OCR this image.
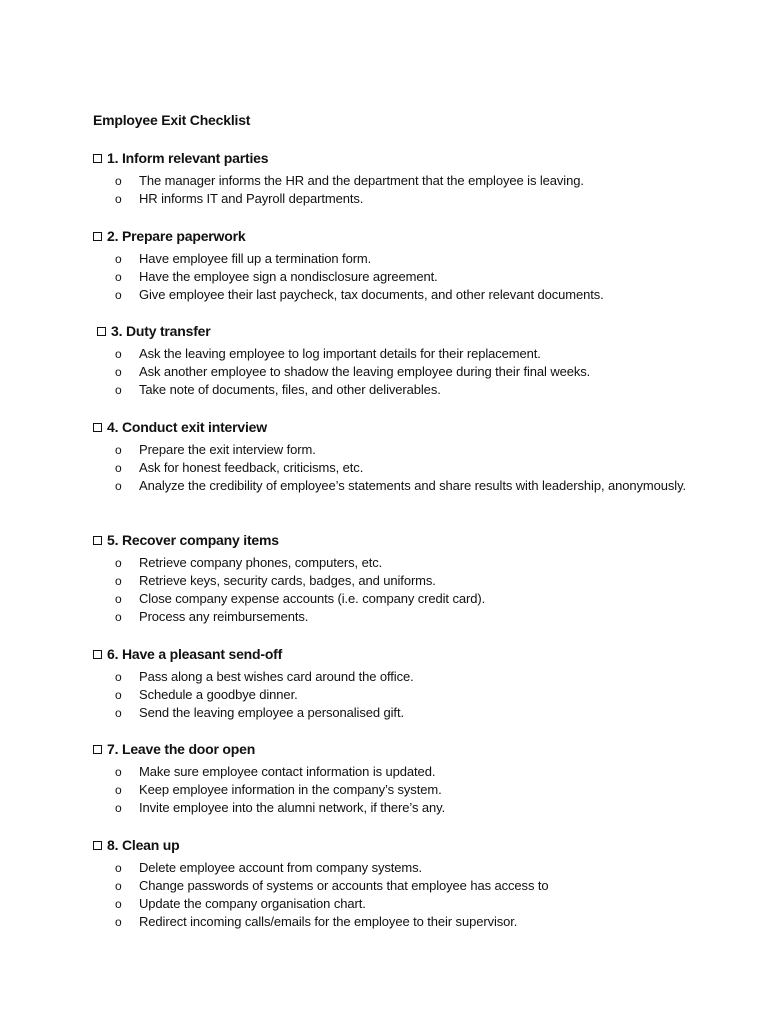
Employee Exit Checklist
1. Inform relevant parties
o The manager informs the HR and the department that the employee is leaving.
o HR informs IT and Payroll departments.
2. Prepare paperwork
o Have employee fill up a termination form.
o Have the employee sign a nondisclosure agreement.
o Give employee their last paycheck, tax documents, and other relevant documents.
3. Duty transfer
o Ask the leaving employee to log important details for their replacement.
o Ask another employee to shadow the leaving employee during their final weeks.
o Take note of documents, files, and other deliverables.
4. Conduct exit interview
o Prepare the exit interview form.
o Ask for honest feedback, criticisms, etc.
o Analyze the credibility of employee’s statements and share results with leadership, anonymously.
5. Recover company items
o Retrieve company phones, computers, etc.
o Retrieve keys, security cards, badges, and uniforms.
o Close company expense accounts (i.e. company credit card).
o Process any reimbursements.
6. Have a pleasant send-off
o Pass along a best wishes card around the office.
o Schedule a goodbye dinner.
o Send the leaving employee a personalised gift.
7. Leave the door open
o Make sure employee contact information is updated.
o Keep employee information in the company’s system.
o Invite employee into the alumni network, if there’s any.
8. Clean up
o Delete employee account from company systems.
o Change passwords of systems or accounts that employee has access to
o Update the company organisation chart.
o Redirect incoming calls/emails for the employee to their supervisor.
